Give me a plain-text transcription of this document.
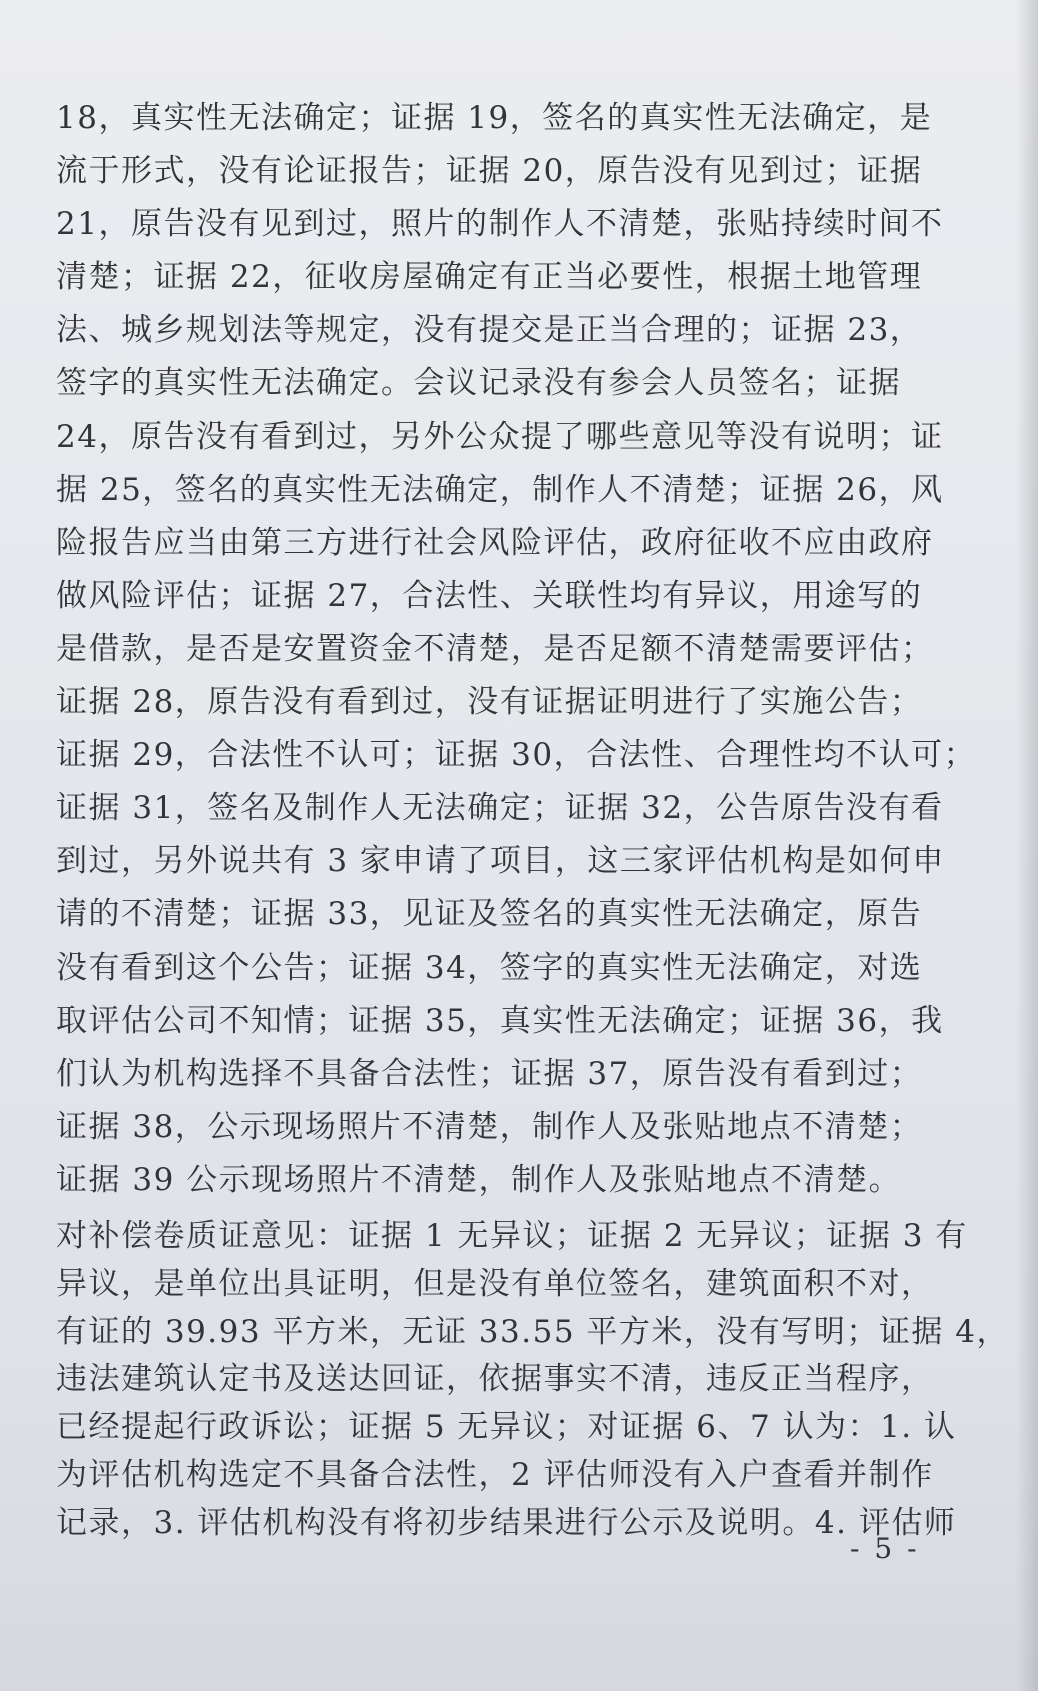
18，真实性无法确定；证据 19，签名的真实性无法确定，是
流于形式，没有论证报告；证据 20，原告没有见到过；证据
21，原告没有见到过，照片的制作人不清楚，张贴持续时间不
清楚；证据 22，征收房屋确定有正当必要性，根据土地管理
法、城乡规划法等规定，没有提交是正当合理的；证据 23，
签字的真实性无法确定。会议记录没有参会人员签名；证据
24，原告没有看到过，另外公众提了哪些意见等没有说明；证
据 25，签名的真实性无法确定，制作人不清楚；证据 26，风
险报告应当由第三方进行社会风险评估，政府征收不应由政府
做风险评估；证据 27，合法性、关联性均有异议，用途写的
是借款，是否是安置资金不清楚，是否足额不清楚需要评估；
证据 28，原告没有看到过，没有证据证明进行了实施公告；
证据 29，合法性不认可；证据 30，合法性、合理性均不认可；
证据 31，签名及制作人无法确定；证据 32，公告原告没有看
到过，另外说共有 3 家申请了项目，这三家评估机构是如何申
请的不清楚；证据 33，见证及签名的真实性无法确定，原告
没有看到这个公告；证据 34，签字的真实性无法确定，对选
取评估公司不知情；证据 35，真实性无法确定；证据 36，我
们认为机构选择不具备合法性；证据 37，原告没有看到过；
证据 38，公示现场照片不清楚，制作人及张贴地点不清楚；
证据 39 公示现场照片不清楚，制作人及张贴地点不清楚。
对补偿卷质证意见：证据 1 无异议；证据 2 无异议；证据 3 有
异议，是单位出具证明，但是没有单位签名，建筑面积不对，
有证的 39.93 平方米，无证 33.55 平方米，没有写明；证据 4，
违法建筑认定书及送达回证，依据事实不清，违反正当程序，
已经提起行政诉讼；证据 5 无异议；对证据 6、7 认为：1. 认
为评估机构选定不具备合法性，2 评估师没有入户查看并制作
记录，3. 评估机构没有将初步结果进行公示及说明。4. 评估师
- 5 -
